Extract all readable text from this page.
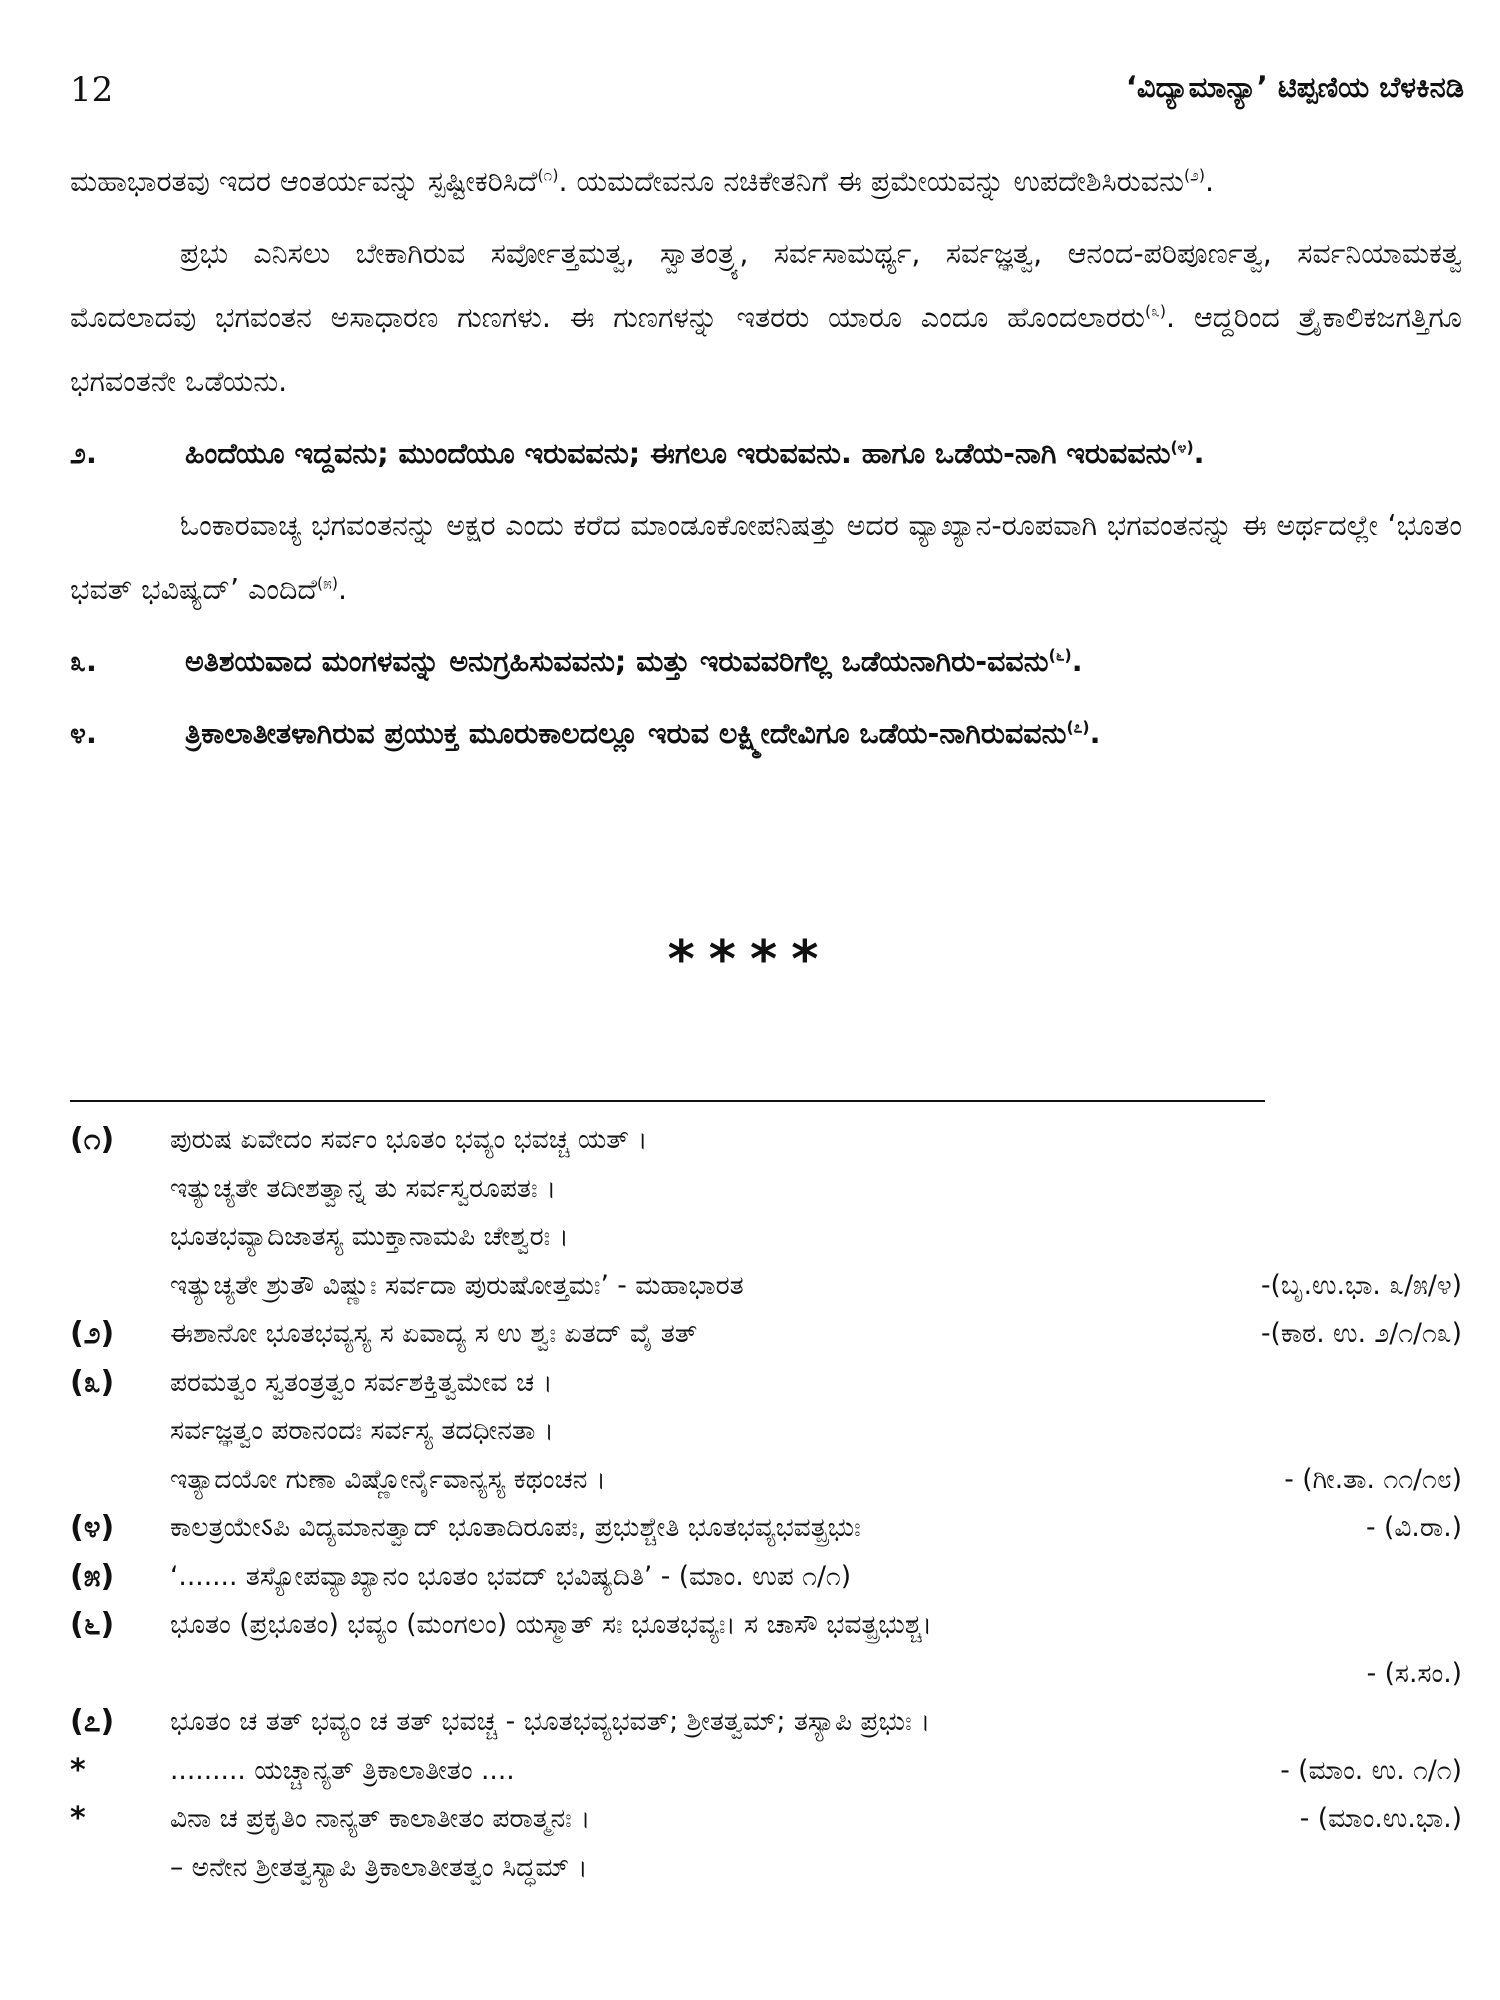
12	‘ವಿದ್ಯಾಮಾನ್ಯಾ’ ಟಿಪ್ಪಣಿಯ ಬೆಳಕಿನಡಿ

ಮಹಾಭಾರತವು ಇದರ ಆಂತರ್ಯವನ್ನು ಸ್ಪಷ್ಟೀಕರಿಸಿದೆ$^{(೧)}$. ಯಮದೇವನೂ ನಚಿಕೇತನಿಗೆ ಈ ಪ್ರಮೇಯವನ್ನು ಉಪದೇಶಿಸಿರುವನು$^{(೨)}$.

ಪ್ರಭು ಎನಿಸಲು ಬೇಕಾಗಿರುವ ಸರ್ವೋತ್ತಮತ್ವ, ಸ್ವಾತಂತ್ರ್ಯ, ಸರ್ವಸಾಮರ್ಥ್ಯ, ಸರ್ವಜ್ಞತ್ವ, ಆನಂದ-ಪರಿಪೂರ್ಣತ್ವ, ಸರ್ವನಿಯಾಮಕತ್ವ ಮೊದಲಾದವು ಭಗವಂತನ ಅಸಾಧಾರಣ ಗುಣಗಳು. ಈ ಗುಣಗಳನ್ನು ಇತರರು ಯಾರೂ ಎಂದೂ ಹೊಂದಲಾರರು$^{(೩)}$. ಆದ್ದರಿಂದ ತ್ರೈಕಾಲಿಕಜಗತ್ತಿಗೂ ಭಗವಂತನೇ ಒಡೆಯನು.

೨.	ಹಿಂದೆಯೂ ಇದ್ದವನು; ಮುಂದೆಯೂ ಇರುವವನು; ಈಗಲೂ ಇರುವವನು. ಹಾಗೂ ಒಡೆಯ-ನಾಗಿ ಇರುವವನು$^{(೪)}$.

ಓಂಕಾರವಾಚ್ಯ ಭಗವಂತನನ್ನು ಅಕ್ಷರ ಎಂದು ಕರೆದ ಮಾಂಡೂಕೋಪನಿಷತ್ತು ಅದರ ವ್ಯಾಖ್ಯಾನ-ರೂಪವಾಗಿ ಭಗವಂತನನ್ನು ಈ ಅರ್ಥದಲ್ಲೇ ‘ಭೂತಂ ಭವತ್ ಭವಿಷ್ಯದ್’ ಎಂದಿದೆ$^{(೫)}$.

೩.	ಅತಿಶಯವಾದ ಮಂಗಳವನ್ನು ಅನುಗ್ರಹಿಸುವವನು; ಮತ್ತು ಇರುವವರಿಗೆಲ್ಲ ಒಡೆಯನಾಗಿರು-ವವನು$^{(೬)}$.
೪.	ತ್ರಿಕಾಲಾತೀತಳಾಗಿರುವ ಪ್ರಯುಕ್ತ ಮೂರುಕಾಲದಲ್ಲೂ ಇರುವ ಲಕ್ಷ್ಮೀದೇವಿಗೂ ಒಡೆಯ-ನಾಗಿರುವವನು$^{(೭)}$.
****
(೧)	ಪುರುಷ ಏವೇದಂ ಸರ್ವಂ ಭೂತಂ ಭವ್ಯಂ ಭವಚ್ಚ ಯತ್ ।
ಇತ್ಯುಚ್ಯತೇ ತದೀಶತ್ವಾನ್ನ ತು ಸರ್ವಸ್ವರೂಪತಃ ।
ಭೂತಭವ್ಯಾದಿಜಾತಸ್ಯ ಮುಕ್ತಾನಾಮಪಿ ಚೇಶ್ವರಃ ।
ಇತ್ಯುಚ್ಯತೇ ಶ್ರುತೌ ವಿಷ್ಣುಃ ಸರ್ವದಾ ಪುರುಷೋತ್ತಮಃ’ - ಮಹಾಭಾರತ	-(ಬೃ.ಉ.ಭಾ. ೩/೫/೪)
(೨)	ಈಶಾನೋ ಭೂತಭವ್ಯಸ್ಯ ಸ ಏವಾದ್ಯ ಸ ಉ ಶ್ವಃ ಏತದ್ ವೈ ತತ್	-(ಕಾಠ. ಉ. ೨/೧/೧೩)
(೩)	ಪರಮತ್ವಂ ಸ್ವತಂತ್ರತ್ವಂ ಸರ್ವಶಕ್ತಿತ್ವಮೇವ ಚ ।
ಸರ್ವಜ್ಞತ್ವಂ ಪರಾನಂದಃ ಸರ್ವಸ್ಯ ತದಧೀನತಾ ।
ಇತ್ಯಾದಯೋ ಗುಣಾ ವಿಷ್ಣೋರ್ನೈವಾನ್ಯಸ್ಯ ಕಥಂಚನ ।	- (ಗೀ.ತಾ. ೧೧/೧೮)
(೪)	ಕಾಲತ್ರಯೇऽಪಿ ವಿದ್ಯಮಾನತ್ವಾದ್ ಭೂತಾದಿರೂಪಃ, ಪ್ರಭುಶ್ಚೇತಿ ಭೂತಭವ್ಯಭವತ್ಪ್ರಭುಃ	- (ವಿ.ರಾ.)
(೫)	‘....... ತಸ್ಯೋಪವ್ಯಾಖ್ಯಾನಂ ಭೂತಂ ಭವದ್ ಭವಿಷ್ಯದಿತಿ’ - (ಮಾಂ. ಉಪ ೧/೧)
(೬)	ಭೂತಂ (ಪ್ರಭೂತಂ) ಭವ್ಯಂ (ಮಂಗಲಂ) ಯಸ್ಮಾತ್ ಸಃ ಭೂತಭವ್ಯಃ। ಸ ಚಾಸೌ ಭವತ್ಪ್ರಭುಶ್ಚ।
- (ಸ.ಸಂ.)
(೭)	ಭೂತಂ ಚ ತತ್ ಭವ್ಯಂ ಚ ತತ್ ಭವಚ್ಚ - ಭೂತಭವ್ಯಭವತ್; ಶ್ರೀತತ್ವಮ್; ತಸ್ಯಾಪಿ ಪ್ರಭುಃ ।
*	......... ಯಚ್ಚಾನ್ಯತ್ ತ್ರಿಕಾಲಾತೀತಂ ....	- (ಮಾಂ. ಉ. ೧/೧)
*	ವಿನಾ ಚ ಪ್ರಕೃತಿಂ ನಾನ್ಯತ್ ಕಾಲಾತೀತಂ ಪರಾತ್ಮನಃ ।	- (ಮಾಂ.ಉ.ಭಾ.)
– ಅನೇನ ಶ್ರೀತತ್ವಸ್ಯಾಪಿ ತ್ರಿಕಾಲಾತೀತತ್ವಂ ಸಿದ್ಧಮ್ ।
